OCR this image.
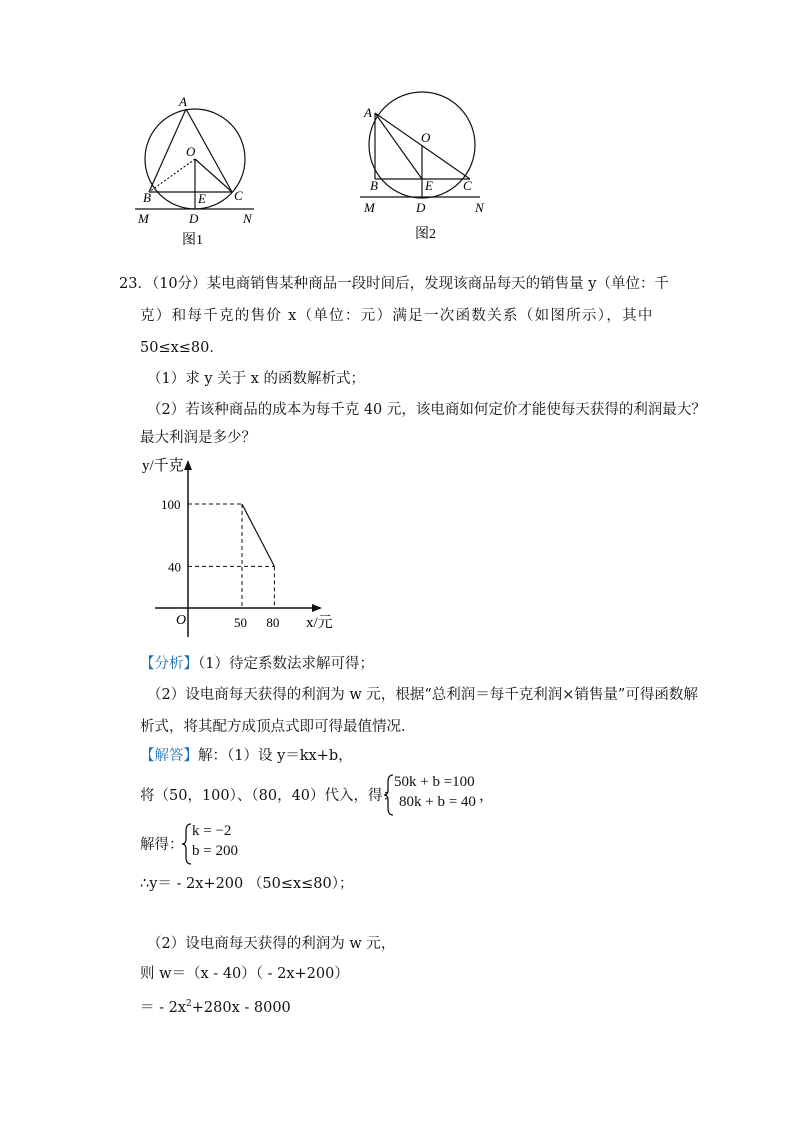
A
O
B	E C
M	D	N
图1
A
O
B	E C
M	D	N
图2
23．（10分）某电商销售某种商品一段时间后，发现该商品每天的销售量 y（单位：千
克）和每千克的售价 x（单位：元）满足一次函数关系（如图所示），其中
50≤x≤80．
（1）求 y 关于 x 的函数解析式；
（2）若该种商品的成本为每千克 40 元，该电商如何定价才能使每天获得的利润最大？
最大利润是多少？
y/千克
x/元
O	50 80
100
40
【分析】（1）待定系数法求解可得；
（2）设电商每天获得的利润为 w 元，根据“总利润＝每千克利润×销售量”可得函数解
析式，将其配方成顶点式即可得最值情况．
【解答】解：（1）设 y＝kx+b，
将（50，100）、（80，40）代入，得：
50k + b =100
80k + b = 40 ，
解得：
k = −2
b = 200
∴y＝ - 2x+200 （50≤x≤80）；
（2）设电商每天获得的利润为 w 元，
则 w＝（x - 40）（ - 2x+200）
＝ - $2x^2+280x - 8000$
